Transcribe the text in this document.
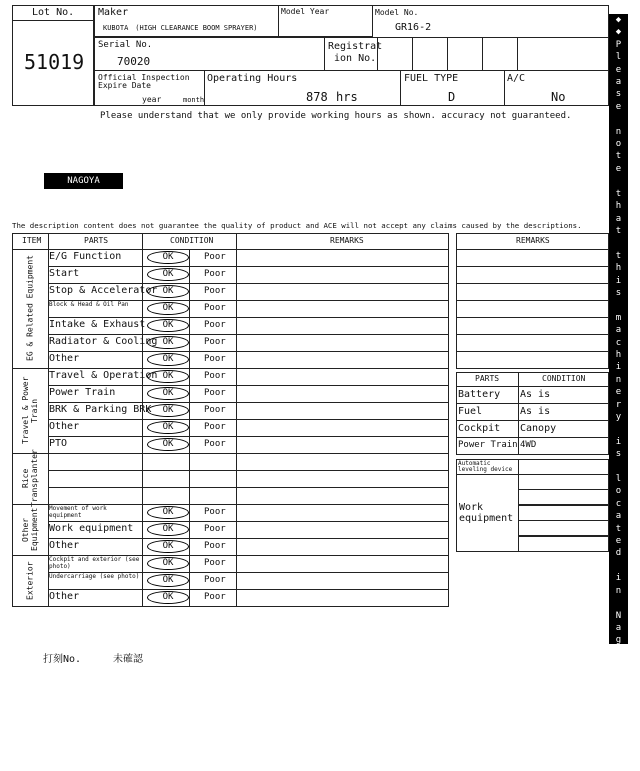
Lot No.
51019
Maker
KUBOTA　(HIGH CLEARANCE BOOM SPRAYER)
Model Year	Model No.
GR16-2
Serial No.
70020
Registrat
ion No.
Official Inspection
Expire Date
year	month
Operating Hours
878 hrs
FUEL TYPE
D
A/C
No
Please understand that we only provide working hours as shown. accuracy not guaranteed.
NAGOYA
The description content does not guarantee the quality of product and ACE will not accept any claims caused by the descriptions.
ITEM	PARTS	CONDITION	REMARKS
E/G Function	OK	Poor
Start	OK	Poor
Stop & Accelerator OK	Poor
Block & Head & Oil Pan	OK	Poor
Intake & Exhaust	OK	Poor
Radiator & Cooling OK	Poor
Other	OK	Poor
EG & Related Equipment
Travel & Operation OK	Poor
Power Train	OK	Poor
BRK & Parking BRK	OK	Poor
Other	OK	Poor
PTO	OK	Poor
Travel & Power Train
Rice Transplanter
Movement of work equipment	OK	Poor
Work equipment	OK	Poor
Other	OK	Poor
Other Equipment
Cockpit and exterior (see photo)	OK	Poor
Undercarriage (see photo)	OK	Poor
Other	OK	Poor
Exterior
REMARKS
PARTS	CONDITION
Battery As is
Fuel	As is
Cockpit Canopy
Power Train 4WD
Automatic leveling device
Work
equipment
打刻No.	未確認
◆
◆
P
l
e
a
s
e

n
o
t
e

t
h
a
t

t
h
i
s

m
a
c
h
i
n
e
r
y

i
s

l
o
c
a
t
e
d

i
n

N
a
g
o
y
a

Y
a
r
d
◆
◆
